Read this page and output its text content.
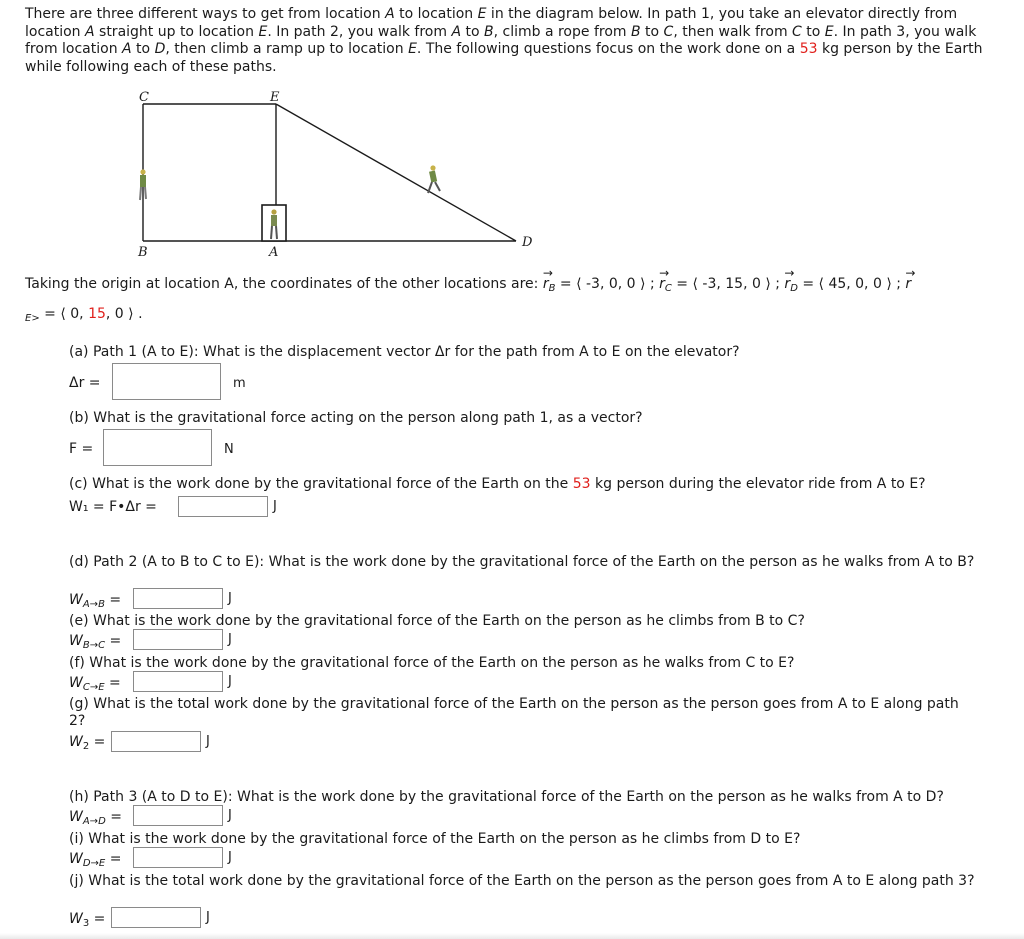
There are three different ways to get from location A to location E in the diagram below. In path 1, you take an elevator directly from location A straight up to location E. In path 2, you walk from A to B, climb a rope from B to C, then walk from C to E. In path 3, you walk from location A to D, then climb a ramp up to location E. The following questions focus on the work done on a 53 kg person by the Earth while following each of these paths.
C	E
B	A
D
Taking the origin at location A, the coordinates of the other locations are: → $r_B$ = ⟨ -3, 0, 0 ⟩ ; → $r_C$ = ⟨ -3, 15, 0 ⟩ ; → $r_D$ = ⟨ 45, 0, 0 ⟩ ; → r
$_{E>}$ = ⟨ 0, 15, 0 ⟩ .
(a) Path 1 (A to E): What is the displacement vector Δr for the path from A to E on the elevator?
Δr =	m
(b) What is the gravitational force acting on the person along path 1, as a vector?
F =	N
(c) What is the work done by the gravitational force of the Earth on the 53 kg person during the elevator ride from A to E?
W₁ = F•Δr =	J
(d) Path 2 (A to B to C to E): What is the work done by the gravitational force of the Earth on the person as he walks from A to B?
$W_{A\to B}$ =	J
(e) What is the work done by the gravitational force of the Earth on the person as he climbs from B to C?
$W_{B\to C}$ =	J
(f) What is the work done by the gravitational force of the Earth on the person as he walks from C to E?
$W_{C\to E}$ =	J
(g) What is the total work done by the gravitational force of the Earth on the person as the person goes from A to E along path 2?
$W_2$ =	J
(h) Path 3 (A to D to E): What is the work done by the gravitational force of the Earth on the person as he walks from A to D?
$W_{A\to D}$ =	J
(i) What is the work done by the gravitational force of the Earth on the person as he climbs from D to E?
$W_{D\to E}$ =	J
(j) What is the total work done by the gravitational force of the Earth on the person as the person goes from A to E along path 3?
$W_3$ =	J
